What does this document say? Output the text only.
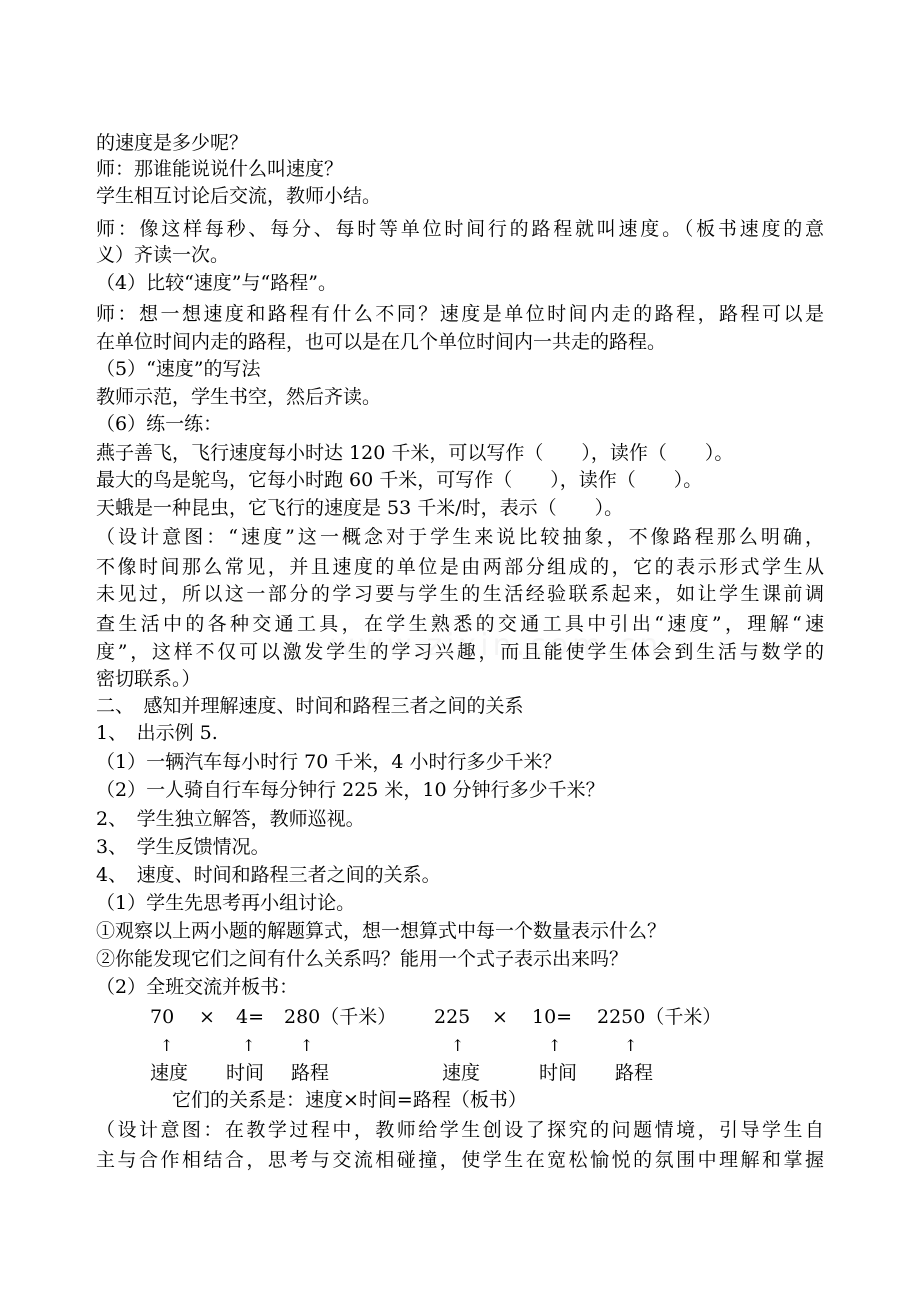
的速度是多少呢？
师：那谁能说说什么叫速度？
学生相互讨论后交流，教师小结。
师：像这样每秒、每分、每时等单位时间行的路程就叫速度。（板书速度的意
义）齐读一次。
（4）比较“速度”与“路程”。
师：想一想速度和路程有什么不同？速度是单位时间内走的路程，路程可以是
在单位时间内走的路程，也可以是在几个单位时间内一共走的路程。
（5）“速度”的写法
教师示范，学生书空，然后齐读。
（6）练一练：
燕子善飞，飞行速度每小时达 120 千米，可以写作（　　），读作（　　）。
最大的鸟是鸵鸟，它每小时跑 60 千米，可写作（　　），读作（　　）。
天蛾是一种昆虫，它飞行的速度是 53 千米/时，表示（　　）。
（设计意图：“速度”这一概念对于学生来说比较抽象，不像路程那么明确，
不像时间那么常见，并且速度的单位是由两部分组成的，它的表示形式学生从
未见过，所以这一部分的学习要与学生的生活经验联系起来，如让学生课前调
查生活中的各种交通工具，在学生熟悉的交通工具中引出“速度”，理解“速
度”，这样不仅可以激发学生的学习兴趣，而且能使学生体会到生活与数学的
密切联系。）
二、　感知并理解速度、时间和路程三者之间的关系
1、　出示例 5.
（1）一辆汽车每小时行 70 千米，4 小时行多少千米？
（2）一人骑自行车每分钟行 225 米，10 分钟行多少千米？
2、　学生独立解答，教师巡视。
3、　学生反馈情况。
4、　速度、时间和路程三者之间的关系。
（1）学生先思考再小组讨论。
①观察以上两小题的解题算式，想一想算式中每一个数量表示什么？
②你能发现它们之间有什么关系吗？能用一个式子表示出来吗？
（2）全班交流并板书：
70 × 4= 280（千米） 225 × 10= 2250（千米）
↑	↑	↑	↑	↑	↑
速度 时间 路程	速度	时间 路程
它们的关系是：速度×时间=路程（板书）
（设计意图：在教学过程中，教师给学生创设了探究的问题情境，引导学生自
主与合作相结合，思考与交流相碰撞，使学生在宽松愉悦的氛围中理解和掌握
